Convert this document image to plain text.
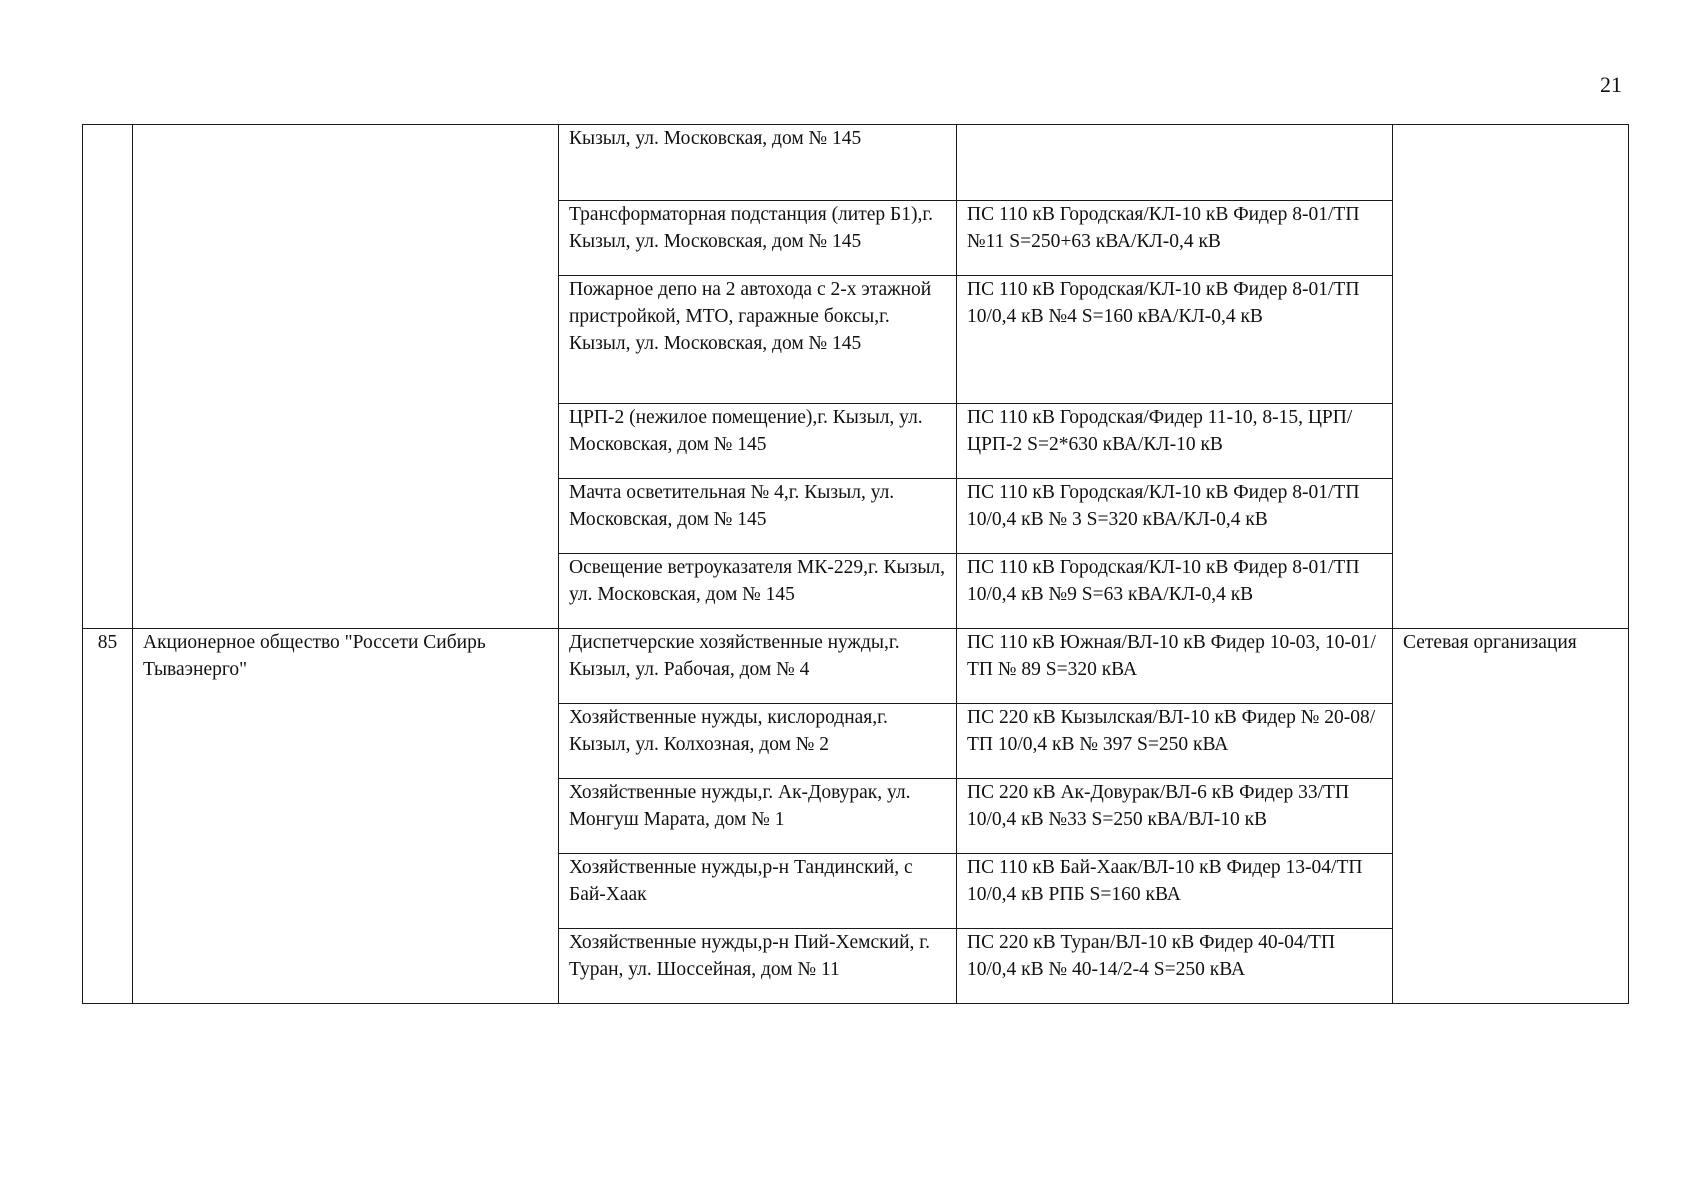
21
		Кызыл, ул. Московская, дом № 145		
		Трансформаторная подстанция (литер Б1),г. Кызыл, ул. Московская, дом № 145	ПС 110 кВ Городская/КЛ-10 кВ Фидер 8-01/ТП №11 S=250+63 кВА/КЛ-0,4 кВ	
		Пожарное депо на 2 автохода с 2-х этажной пристройкой, МТО, гаражные боксы,г. Кызыл, ул. Московская, дом № 145	ПС 110 кВ Городская/КЛ-10 кВ Фидер 8-01/ТП 10/0,4 кВ №4 S=160 кВА/КЛ-0,4 кВ	
		ЦРП-2 (нежилое помещение),г. Кызыл, ул. Московская, дом № 145	ПС 110 кВ Городская/Фидер 11-10, 8-15, ЦРП/ЦРП-2 S=2*630 кВА/КЛ-10 кВ	
		Мачта осветительная № 4,г. Кызыл, ул. Московская, дом № 145	ПС 110 кВ Городская/КЛ-10 кВ Фидер 8-01/ТП 10/0,4 кВ № 3 S=320 кВА/КЛ-0,4 кВ	
		Освещение ветроуказателя МК-229,г. Кызыл, ул. Московская, дом № 145	ПС 110 кВ Городская/КЛ-10 кВ Фидер 8-01/ТП 10/0,4 кВ №9 S=63 кВА/КЛ-0,4 кВ	
85	Акционерное общество "Россети Сибирь Тываэнерго"	Диспетчерские хозяйственные нужды,г. Кызыл, ул. Рабочая, дом № 4	ПС 110 кВ Южная/ВЛ-10 кВ Фидер 10-03, 10-01/ТП № 89 S=320 кВА	Сетевая организация
		Хозяйственные нужды, кислородная,г. Кызыл, ул. Колхозная, дом № 2	ПС 220 кВ Кызылская/ВЛ-10 кВ Фидер № 20-08/ТП 10/0,4 кВ № 397 S=250 кВА	
		Хозяйственные нужды,г. Ак-Довурак, ул. Монгуш Марата, дом № 1	ПС 220 кВ Ак-Довурак/ВЛ-6 кВ Фидер 33/ТП 10/0,4 кВ №33 S=250 кВА/ВЛ-10 кВ	
		Хозяйственные нужды,р-н Тандинский, с Бай-Хаак	ПС 110 кВ Бай-Хаак/ВЛ-10 кВ Фидер 13-04/ТП 10/0,4 кВ РПБ S=160 кВА	
		Хозяйственные нужды,р-н Пий-Хемский, г. Туран, ул. Шоссейная, дом № 11	ПС 220 кВ Туран/ВЛ-10 кВ Фидер 40-04/ТП 10/0,4 кВ № 40-14/2-4 S=250 кВА	
